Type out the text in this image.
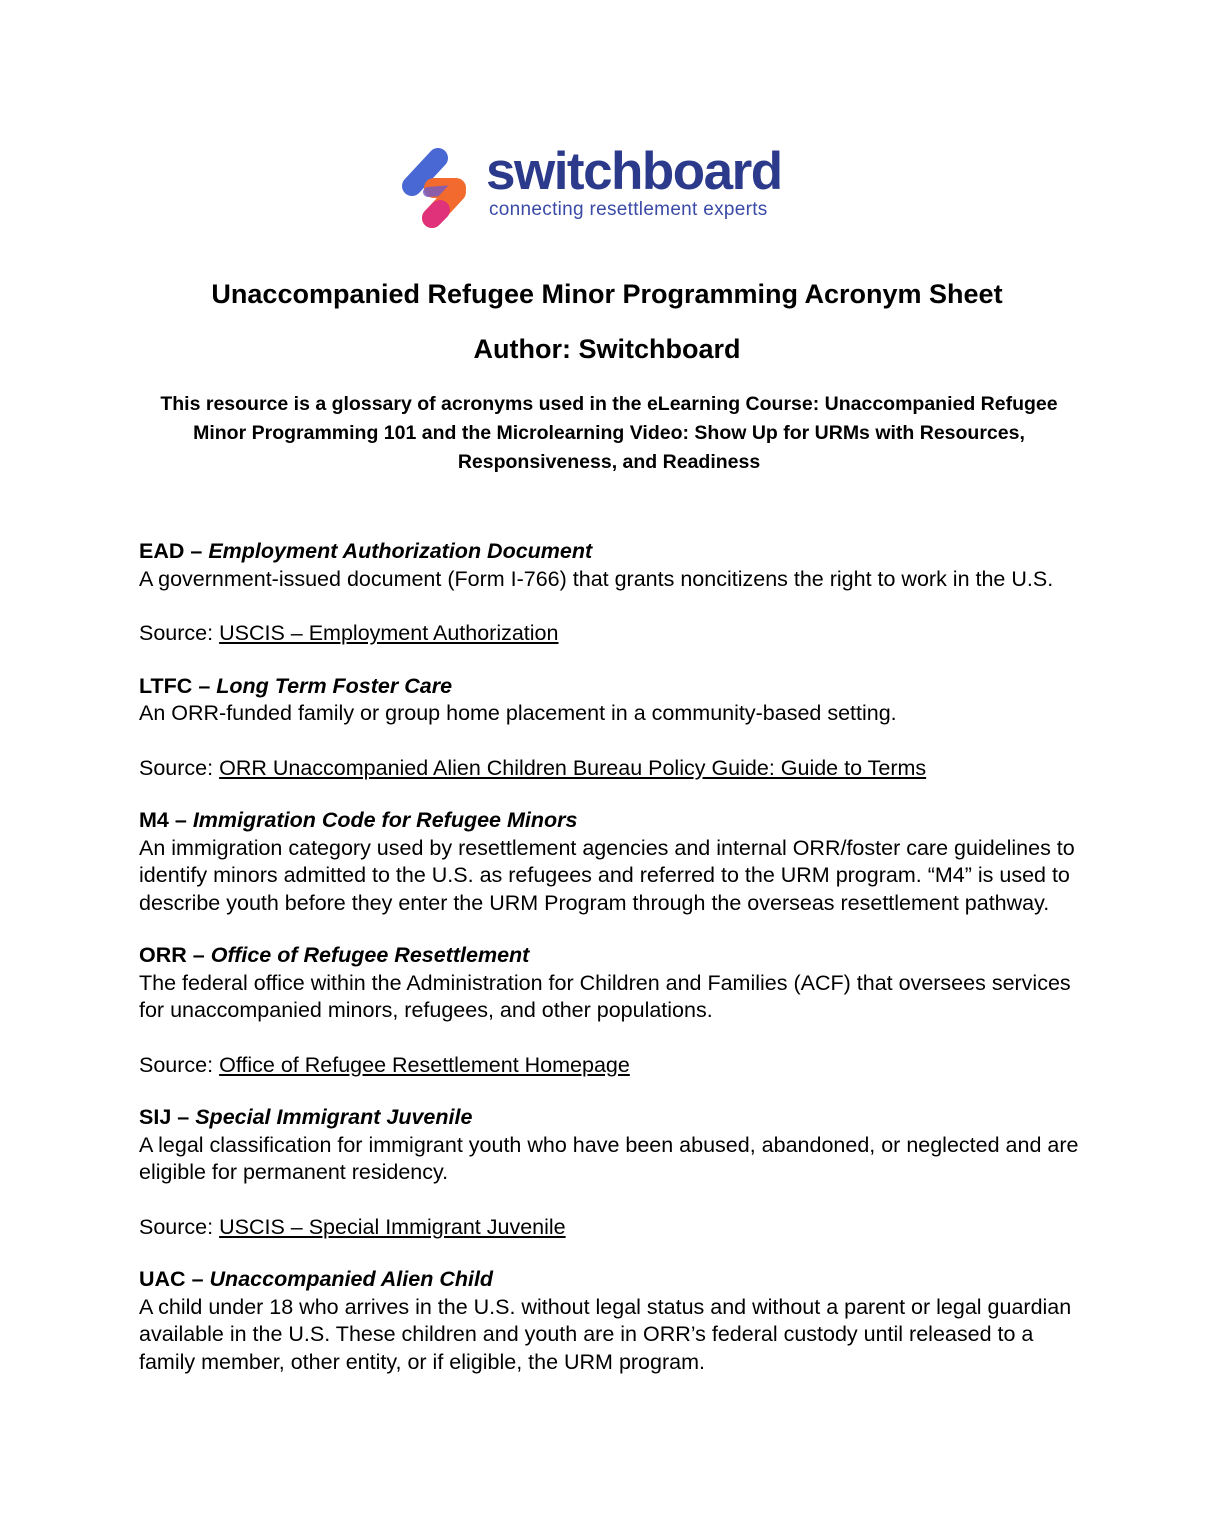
switchboard
connecting resettlement experts
Unaccompanied Refugee Minor Programming Acronym Sheet
Author: Switchboard
This resource is a glossary of acronyms used in the eLearning Course: Unaccompanied Refugee Minor Programming 101 and the Microlearning Video: Show Up for URMs with Resources, Responsiveness, and Readiness

EAD – Employment Authorization Document

A government-issued document (Form I-766) that grants noncitizens the right to work in the U.S.

Source: USCIS – Employment Authorization

LTFC – Long Term Foster Care

An ORR-funded family or group home placement in a community-based setting.

Source: ORR Unaccompanied Alien Children Bureau Policy Guide: Guide to Terms

M4 – Immigration Code for Refugee Minors

An immigration category used by resettlement agencies and internal ORR/foster care guidelines to identify minors admitted to the U.S. as refugees and referred to the URM program. “M4” is used to describe youth before they enter the URM Program through the overseas resettlement pathway.

ORR – Office of Refugee Resettlement

The federal office within the Administration for Children and Families (ACF) that oversees services for unaccompanied minors, refugees, and other populations.

Source: Office of Refugee Resettlement Homepage

SIJ – Special Immigrant Juvenile

A legal classification for immigrant youth who have been abused, abandoned, or neglected and are eligible for permanent residency.

Source: USCIS – Special Immigrant Juvenile

UAC – Unaccompanied Alien Child

A child under 18 who arrives in the U.S. without legal status and without a parent or legal guardian available in the U.S. These children and youth are in ORR’s federal custody until released to a family member, other entity, or if eligible, the URM program.
